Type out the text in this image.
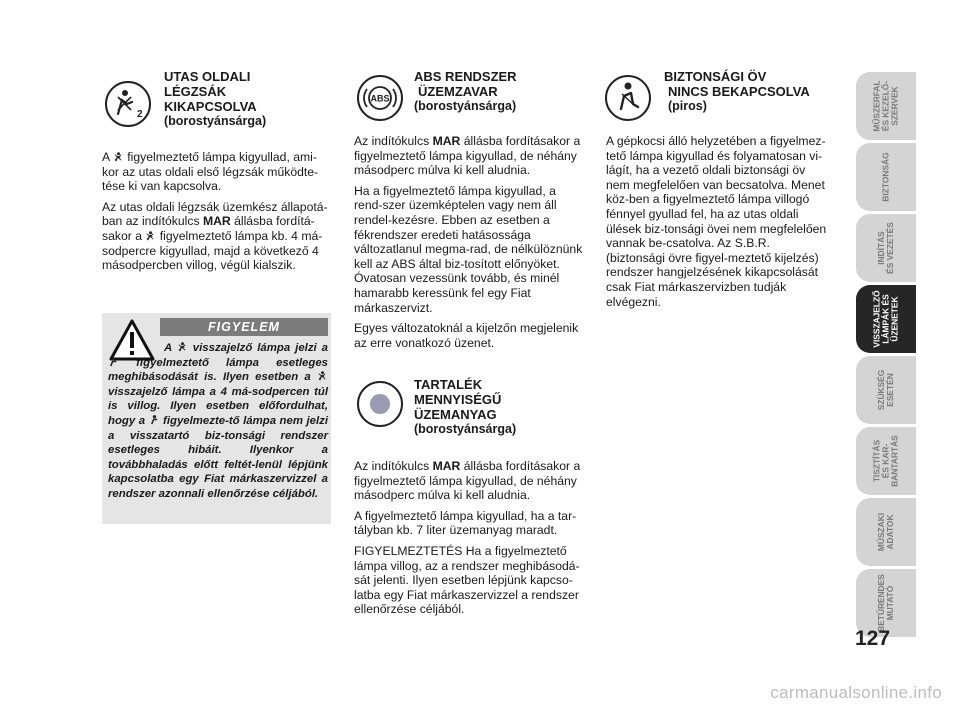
2
UTAS OLDALI
LÉGZSÁK
KIKAPCSOLVA
(borostyánsárga)

A figyelmeztető lámpa kigyullad, ami-kor az utas oldali első légzsák működte-tése ki van kapcsolva.

Az utas oldali légzsák üzemkész állapotá-ban az indítókulcs MAR állásba fordítá-sakor a figyelmeztető lámpa kb. 4 má-sodpercre kigyullad, majd a következő 4 másodpercben villog, végül kialszik.

FIGYELEM
A visszajelző lámpa jelzi a  figyelmeztető lámpa esetleges meghibásodását is. Ilyen esetben a  visszajelző lámpa a 4 má-sodpercen túl is villog. Ilyen esetben előfordulhat, hogy a figyelmezte-tő lámpa nem jelzi a visszatartó biz-tonsági rendszer esetleges hibáit. Ilyenkor a továbbhaladás előtt feltét-lenül lépjünk kapcsolatba egy Fiat márkaszervizzel a rendszer azonnali ellenőrzése céljából.
ABS
ABS RENDSZER
ÜZEMZAVAR
(borostyánsárga)

Az indítókulcs MAR állásba fordításakor a figyelmeztető lámpa kigyullad, de néhány másodperc múlva ki kell aludnia.

Ha a figyelmeztető lámpa kigyullad, a rend-szer üzemképtelen vagy nem áll rendel-kezésre. Ebben az esetben a fékrendszer eredeti hatásossága változatlanul megma-rad, de nélkülöznünk kell az ABS által biz-tosított előnyöket. Óvatosan vezessünk tovább, és minél hamarabb keressünk fel egy Fiat márkaszervizt.

Egyes változatoknál a kijelzőn megjelenik az erre vonatkozó üzenet.

TARTALÉK
MENNYISÉGŰ
ÜZEMANYAG
(borostyánsárga)

Az indítókulcs MAR állásba fordításakor a figyelmeztető lámpa kigyullad, de néhány másodperc múlva ki kell aludnia.

A figyelmeztető lámpa kigyullad, ha a tar-tályban kb. 7 liter üzemanyag maradt.

FIGYELMEZTETÉS Ha a figyelmeztető lámpa villog, az a rendszer meghibásodá-sát jelenti. Ilyen esetben lépjünk kapcso-latba egy Fiat márkaszervizzel a rendszer ellenőrzése céljából.

BIZTONSÁGI ÖV
NINCS BEKAPCSOLVA
(piros)

A gépkocsi álló helyzetében a figyelmez-tető lámpa kigyullad és folyamatosan vi-lágít, ha a vezető oldali biztonsági öv nem megfelelően van becsatolva. Menet köz-ben a figyelmeztető lámpa villogó fénnyel gyullad fel, ha az utas oldali ülések biz-tonsági övei nem megfelelően vannak be-csatolva. Az S.B.R. (biztonsági övre figyel-meztető kijelzés) rendszer hangjelzésének kikapcsolását csak Fiat márkaszervizben tudják elvégezni.

MŰSZERFAL
ÉS KEZELŐ-
SZERVEK
BIZTONSÁG
INDÍTÁS
ÉS VEZETÉS
VISSZAJELZŐ
LÁMPÁK ÉS
ÜZENETEK
SZÜKSÉG
ESETÉN
TISZTÍTÁS
ÉS KAR-
BANTARTÁS
MŰSZAKI
ADATOK
BETŰRENDES
MUTATÓ
127
carmanualsonline.info
